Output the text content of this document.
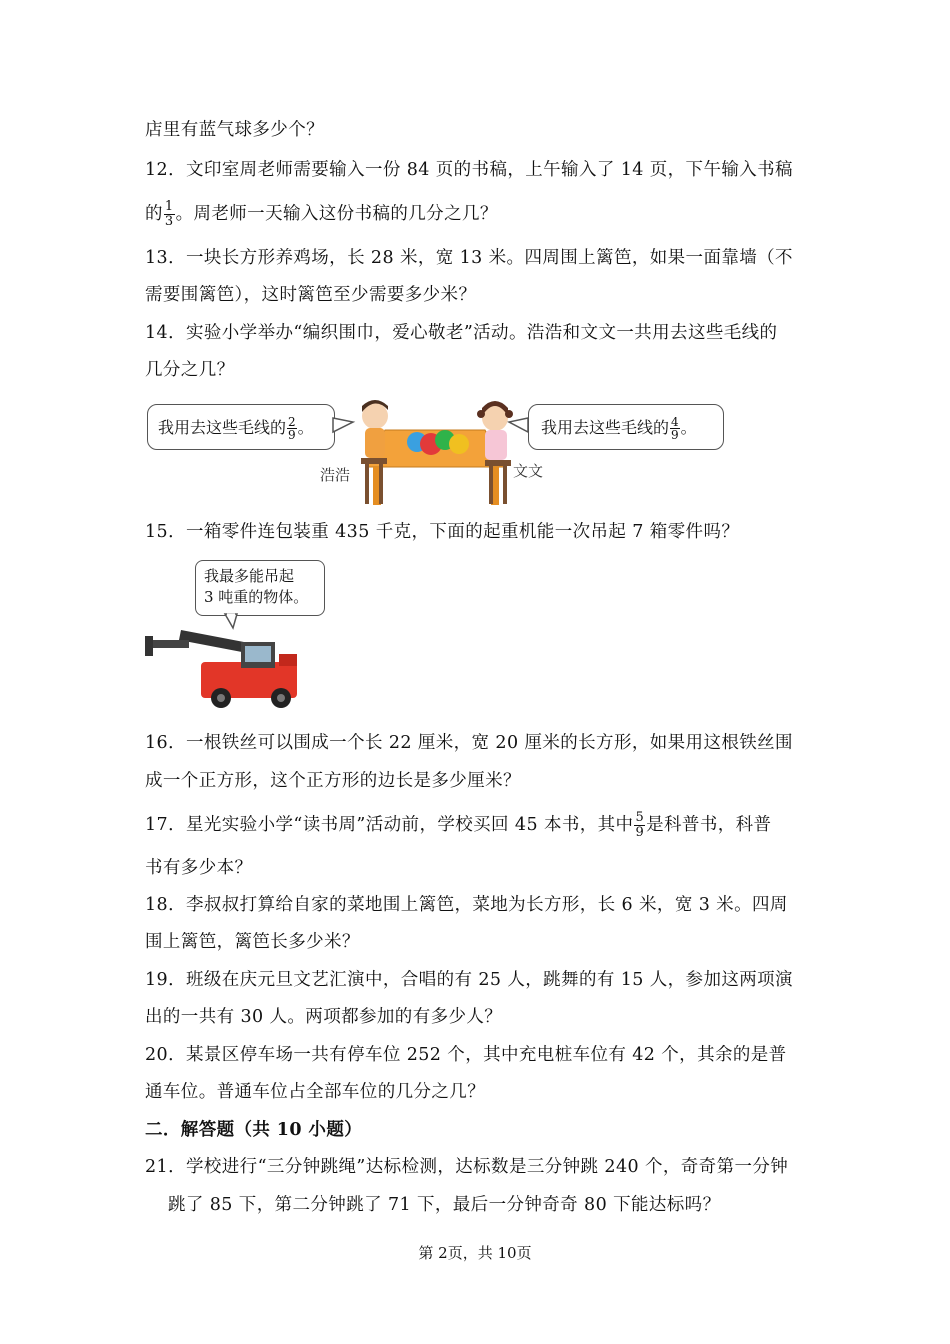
店里有蓝气球多少个？
12．文印室周老师需要输入一份 84 页的书稿，上午输入了 14 页，下午输入书稿
的 $\frac{1}{3}$ 。周老师一天输入这份书稿的几分之几？
13．一块长方形养鸡场，长 28 米，宽 13 米。四周围上篱笆，如果一面靠墙（不
需要围篱笆），这时篱笆至少需要多少米？
14．实验小学举办“编织围巾，爱心敬老”活动。浩浩和文文一共用去这些毛线的
几分之几？
我用去这些毛线的 $\frac{2}{9}$ 。	我用去这些毛线的 $\frac{4}{9}$ 。
浩浩	文文
15．一箱零件连包装重 435 千克，下面的起重机能一次吊起 7 箱零件吗？
我最多能吊起
3 吨重的物体。
16．一根铁丝可以围成一个长 22 厘米，宽 20 厘米的长方形，如果用这根铁丝围
成一个正方形，这个正方形的边长是多少厘米？
17．星光实验小学“读书周”活动前，学校买回 45 本书，其中 $\frac{5}{9}$ 是科普书，科普
书有多少本？
18．李叔叔打算给自家的菜地围上篱笆，菜地为长方形，长 6 米，宽 3 米。四周
围上篱笆，篱笆长多少米？
19．班级在庆元旦文艺汇演中，合唱的有 25 人，跳舞的有 15 人，参加这两项演
出的一共有 30 人。两项都参加的有多少人？
20．某景区停车场一共有停车位 252 个，其中充电桩车位有 42 个，其余的是普
通车位。普通车位占全部车位的几分之几？
二．解答题（共 10 小题）
21．学校进行“三分钟跳绳”达标检测，达标数是三分钟跳 240 个，奇奇第一分钟
跳了 85 下，第二分钟跳了 71 下，最后一分钟奇奇 80 下能达标吗？
第 2页，共 10页
